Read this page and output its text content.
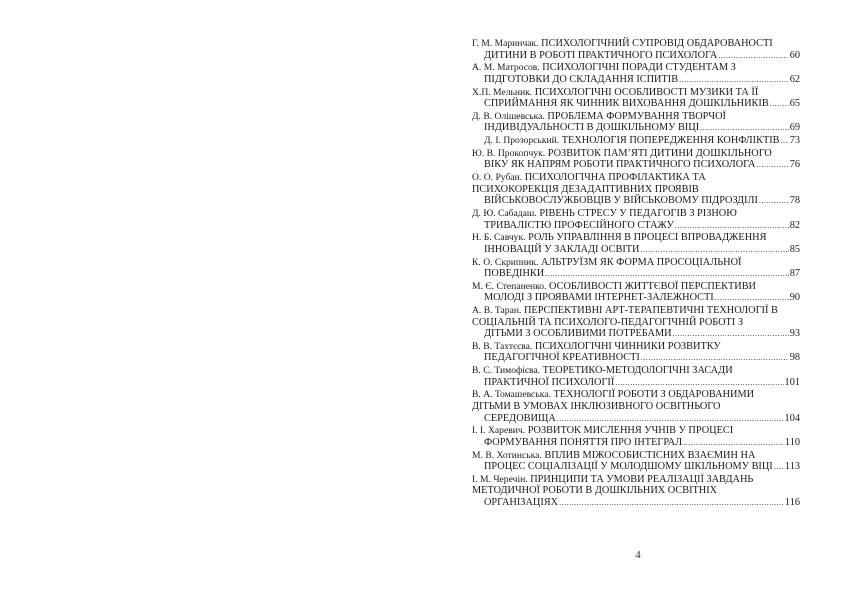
Г. М. Маринчак. ПСИХОЛОГІЧНИЙ СУПРОВІД ОБДАРОВАНОСТІ
ДИТИНИ В РОБОТІ ПРАКТИЧНОГО ПСИХОЛОГА .....	60
А. М. Матросов. ПСИХОЛОГІЧНІ ПОРАДИ СТУДЕНТАМ З
ПІДГОТОВКИ ДО СКЛАДАННЯ ІСПИТІВ .....	62
Х.П. Мельник. ПСИХОЛОГІЧНІ ОСОБЛИВОСТІ МУЗИКИ ТА ЇЇ
СПРИЙМАННЯ ЯК ЧИННИК ВИХОВАННЯ ДОШКІЛЬНИКІВ ..... 65
Д. В. Олішевська. ПРОБЛЕМА ФОРМУВАННЯ ТВОРЧОЇ
ІНДИВІДУАЛЬНОСТІ В ДОШКІЛЬНОМУ ВІЦІ .....	69
Д. І. Прозорський. ТЕХНОЛОГІЯ ПОПЕРЕДЖЕННЯ КОНФЛІКТІВ ..... 73
Ю. В. Прокопчук. РОЗВИТОК ПАМ’ЯТІ ДИТИНИ ДОШКІЛЬНОГО
ВІКУ ЯК НАПРЯМ РОБОТИ ПРАКТИЧНОГО ПСИХОЛОГА .....	76
О. О. Рубан. ПСИХОЛОГІЧНА ПРОФІЛАКТИКА ТА
ПСИХОКОРЕКЦІЯ ДЕЗАДАПТИВНИХ ПРОЯВІВ
ВІЙСЬКОВОСЛУЖБОВЦІВ У ВІЙСЬКОВОМУ ПІДРОЗДІЛІ .....	78
Д. Ю. Сабадаш. РІВЕНЬ СТРЕСУ У ПЕДАГОГІВ З РІЗНОЮ
ТРИВАЛІСТЮ ПРОФЕСІЙНОГО СТАЖУ .....	82
Н. Б. Савчук. РОЛЬ УПРАВЛІННЯ В ПРОЦЕСІ ВПРОВАДЖЕННЯ
ІННОВАЦІЙ У ЗАКЛАДІ ОСВІТИ .....	85
К. О. Скрипник. АЛЬТРУЇЗМ ЯК ФОРМА ПРОСОЦІАЛЬНОЇ
ПОВЕДІНКИ .....	87
М. Є. Степаненко. ОСОБЛИВОСТІ ЖИТТЄВОЇ ПЕРСПЕКТИВИ
МОЛОДІ З ПРОЯВАМИ ІНТЕРНЕТ-ЗАЛЕЖНОСТІ .....	90
А. В. Таран. ПЕРСПЕКТИВНІ АРТ-ТЕРАПЕВТИЧНІ ТЕХНОЛОГІЇ В
СОЦІАЛЬНІЙ ТА ПСИХОЛОГО-ПЕДАГОГІЧНІЙ РОБОТІ З
ДІТЬМИ З ОСОБЛИВИМИ ПОТРЕБАМИ .....	93
В. В. Тахтєєва. ПСИХОЛОГІЧНІ ЧИННИКИ РОЗВИТКУ
ПЕДАГОГІЧНОЇ КРЕАТИВНОСТІ .....	98
В. С. Тимофієва. ТЕОРЕТИКО-МЕТОДОЛОГІЧНІ ЗАСАДИ
ПРАКТИЧНОЇ ПСИХОЛОГІЇ .....	101
В. А. Томашевська. ТЕХНОЛОГІЇ РОБОТИ З ОБДАРОВАНИМИ
ДІТЬМИ В УМОВАХ ІНКЛЮЗИВНОГО ОСВІТНЬОГО
СЕРЕДОВИЩА .....	104
І. І. Харевич. РОЗВИТОК МИСЛЕННЯ УЧНІВ У ПРОЦЕСІ
ФОРМУВАННЯ ПОНЯТТЯ ПРО ІНТЕГРАЛ .....	110
М. В. Хотинська. ВПЛИВ МІЖОСОБИСТІСНИХ ВЗАЄМИН НА
ПРОЦЕС СОЦІАЛІЗАЦІЇ У МОЛОДШОМУ ШКІЛЬНОМУ ВІЦІ ..... 113
І. М. Черечін. ПРИНЦИПИ ТА УМОВИ РЕАЛІЗАЦІЇ ЗАВДАНЬ
МЕТОДИЧНОЇ РОБОТИ В ДОШКІЛЬНИХ ОСВІТНІХ
ОРГАНІЗАЦІЯХ .....	116
4
